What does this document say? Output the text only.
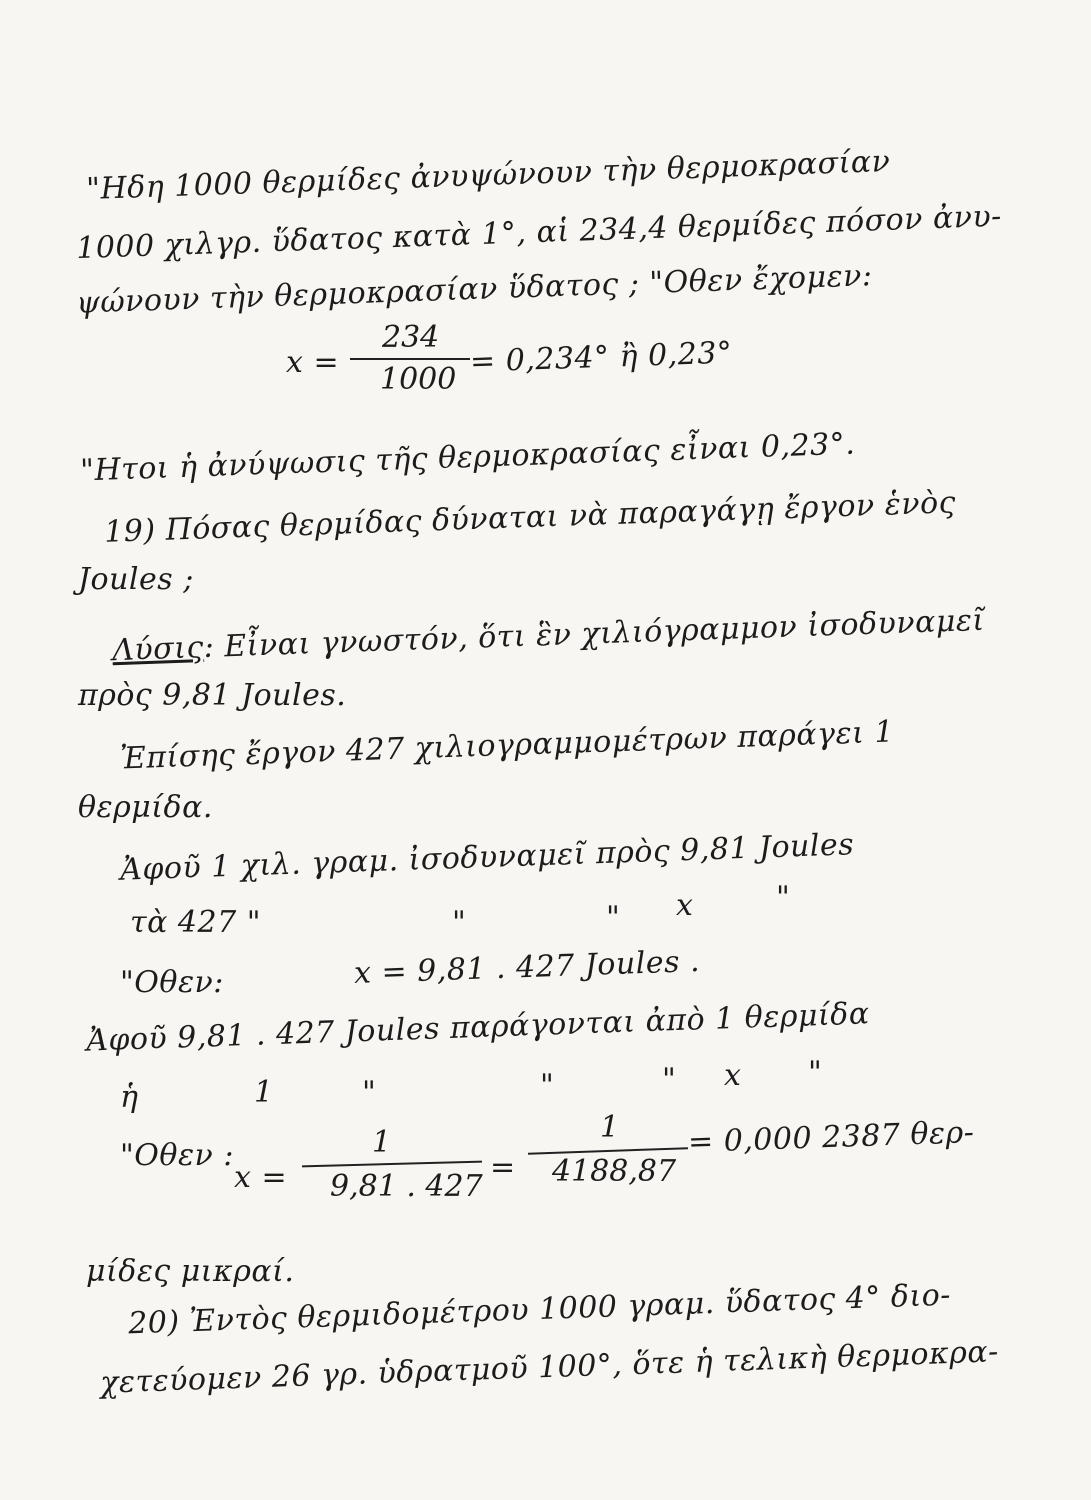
"Ηδη 1000 θερμίδες ἀνυψώνουν τὴν θερμοκρασίαν
1000 χιλγρ. ὕδατος κατὰ 1°, αἱ 234,4 θερμίδες πόσον ἀνυ-
ψώνουν τὴν θερμοκρασίαν ὕδατος ; "Οθεν ἔχομεν:
x =
234
1000 = 0,234° ἢ 0,23°
"Ητοι ἡ ἀνύψωσις τῆς θερμοκρασίας εἶναι 0,23°.
19) Πόσας θερμίδας δύναται νὰ παραγάγῃ ἔργον ἑνὸς
Joules ;
Λύσις: Εἶναι γνωστόν, ὅτι ἓν χιλιόγραμμον ἰσοδυναμεῖ
πρὸς 9,81 Joules.
Ἐπίσης ἔργον 427 χιλιογραμμομέτρων παράγει 1
θερμίδα.
Ἀφοῦ 1 χιλ. γραμ. ἰσοδυναμεῖ πρὸς 9,81 Joules
τὰ 427 "	"	" x	"
"Οθεν:	x = 9,81 . 427 Joules .
Ἀφοῦ 9,81 . 427 Joules παράγονται ἀπὸ 1 θερμίδα
ἡ	1	"	"	" x "
"Οθεν :
x =
1
9,81 . 427
=
1
4188,87
= 0,000 2387 θερ-
μίδες μικραί.
20) Ἐντὸς θερμιδομέτρου 1000 γραμ. ὕδατος 4° διο-
χετεύομεν 26 γρ. ὑδρατμοῦ 100°, ὅτε ἡ τελικὴ θερμοκρα-
